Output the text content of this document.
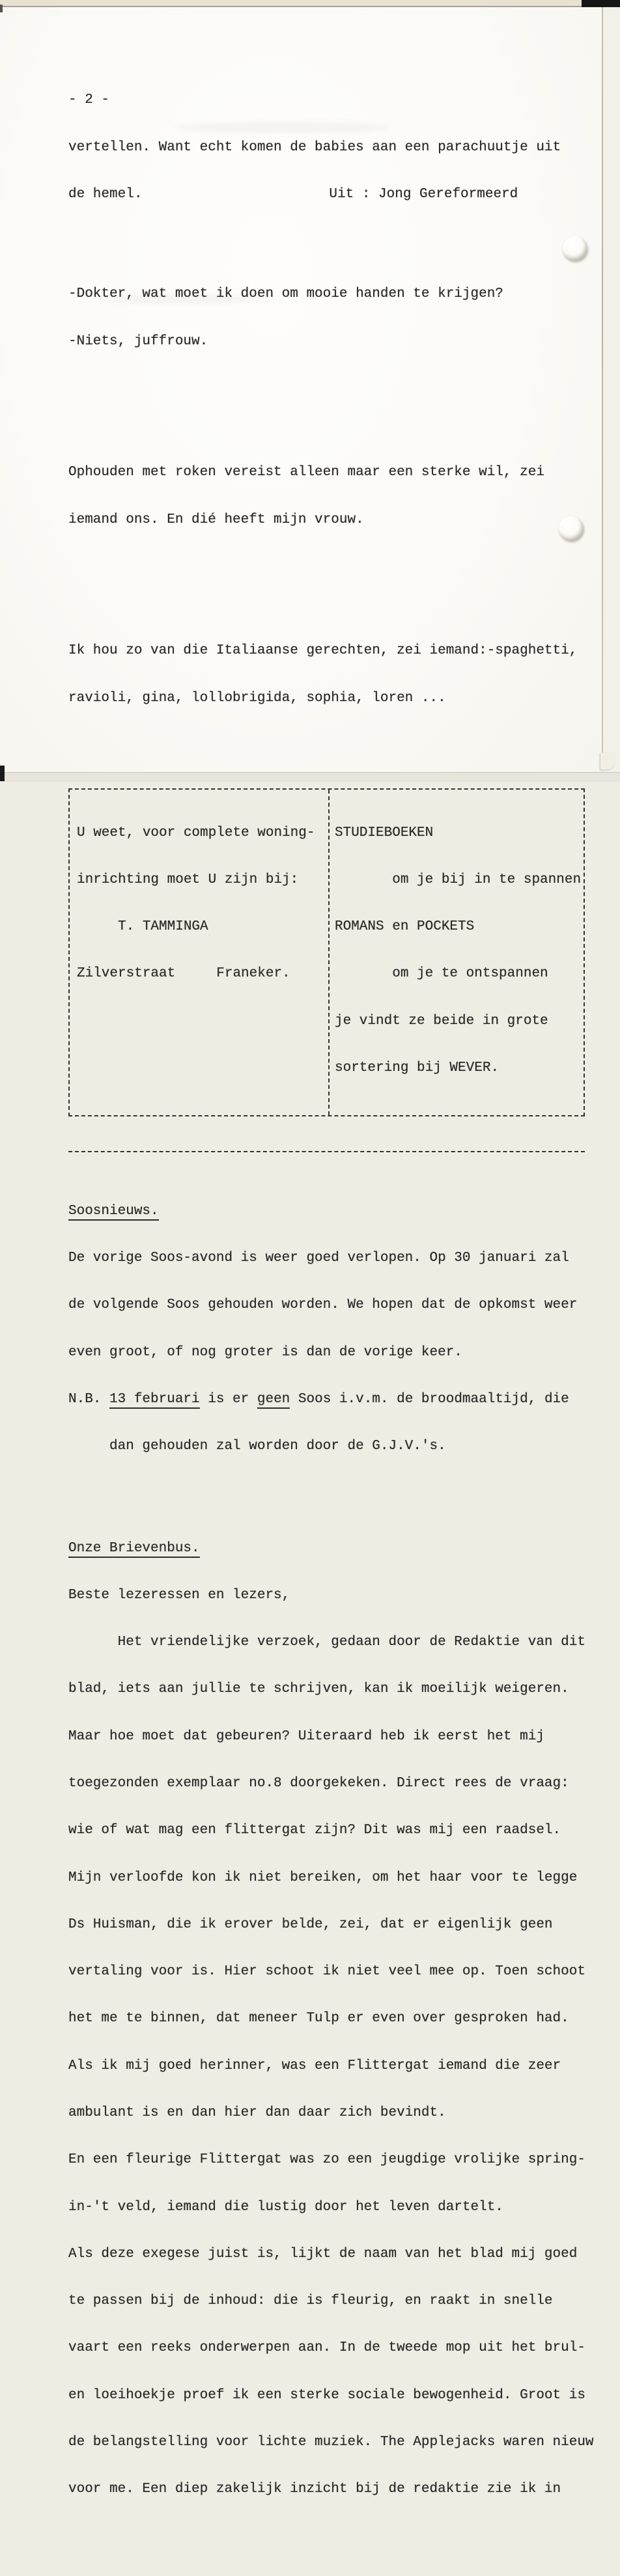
- 2 -

vertellen. Want echt komen de babies aan een parachuutje uit

de hemel.	Uit : Jong Gereformeerd

-Dokter, wat moet ik doen om mooie handen te krijgen?

-Niets, juffrouw.

Ophouden met roken vereist alleen maar een sterke wil, zei

iemand ons. En dié heeft mijn vrouw.

Ik hou zo van die Italiaanse gerechten, zei iemand:-spaghetti,

ravioli, gina, lollobrigida, sophia, loren ...

U weet, voor complete woning-

inrichting moet U zijn bij:

T. TAMMINGA

Zilverstraat     Franeker.

STUDIEBOEKEN

om je bij in te spannen

ROMANS en POCKETS

om je te ontspannen

je vindt ze beide in grote

sortering bij WEVER.

Soosnieuws.

De vorige Soos-avond is weer goed verlopen. Op 30 januari zal

de volgende Soos gehouden worden. We hopen dat de opkomst weer

even groot, of nog groter is dan de vorige keer.

N.B. 13 februari is er geen Soos i.v.m. de broodmaaltijd, die

dan gehouden zal worden door de G.J.V.'s.

Onze Brievenbus.

Beste lezeressen en lezers,

Het vriendelijke verzoek, gedaan door de Redaktie van dit

blad, iets aan jullie te schrijven, kan ik moeilijk weigeren.

Maar hoe moet dat gebeuren? Uiteraard heb ik eerst het mij

toegezonden exemplaar no.8 doorgekeken. Direct rees de vraag:

wie of wat mag een flittergat zijn? Dit was mij een raadsel.

Mijn verloofde kon ik niet bereiken, om het haar voor te legge

Ds Huisman, die ik erover belde, zei, dat er eigenlijk geen

vertaling voor is. Hier schoot ik niet veel mee op. Toen schoot

het me te binnen, dat meneer Tulp er even over gesproken had.

Als ik mij goed herinner, was een Flittergat iemand die zeer

ambulant is en dan hier dan daar zich bevindt.

En een fleurige Flittergat was zo een jeugdige vrolijke spring-

in-'t veld, iemand die lustig door het leven dartelt.

Als deze exegese juist is, lijkt de naam van het blad mij goed

te passen bij de inhoud: die is fleurig, en raakt in snelle

vaart een reeks onderwerpen aan. In de tweede mop uit het brul-

en loeihoekje proef ik een sterke sociale bewogenheid. Groot is

de belangstelling voor lichte muziek. The Applejacks waren nieuw

voor me. Een diep zakelijk inzicht bij de redaktie zie ik in
